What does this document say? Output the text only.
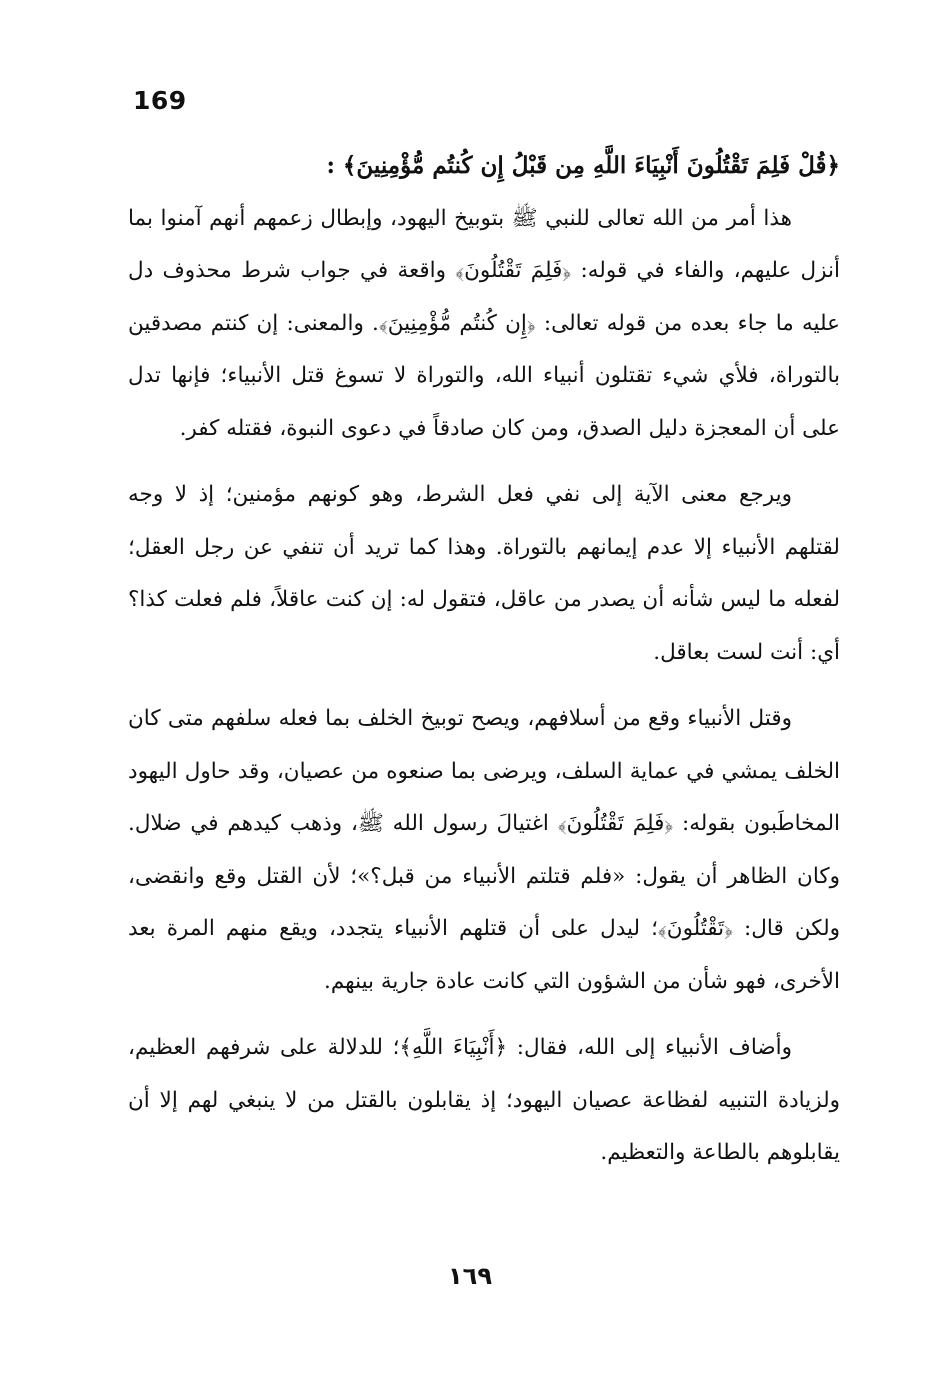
169

﴿قُلْ فَلِمَ تَقْتُلُونَ أَنْبِيَاءَ اللَّهِ مِن قَبْلُ إِن كُنتُم مُّؤْمِنِينَ﴾ :

هذا أمر من الله تعالى للنبي ﷺ بتوبيخ اليهود، وإبطال زعمهم أنهم آمنوا بما أنزل عليهم، والفاء في قوله: ﴿فَلِمَ تَقْتُلُونَ﴾ واقعة في جواب شرط محذوف دل عليه ما جاء بعده من قوله تعالى: ﴿إِن كُنتُم مُّؤْمِنِينَ﴾. والمعنى: إن كنتم مصدقين بالتوراة، فلأي شيء تقتلون أنبياء الله، والتوراة لا تسوغ قتل الأنبياء؛ فإنها تدل على أن المعجزة دليل الصدق، ومن كان صادقاً في دعوى النبوة، فقتله كفر.

ويرجع معنى الآية إلى نفي فعل الشرط، وهو كونهم مؤمنين؛ إذ لا وجه لقتلهم الأنبياء إلا عدم إيمانهم بالتوراة. وهذا كما تريد أن تنفي عن رجل العقل؛ لفعله ما ليس شأنه أن يصدر من عاقل، فتقول له: إن كنت عاقلاً، فلم فعلت كذا؟ أي: أنت لست بعاقل.

وقتل الأنبياء وقع من أسلافهم، ويصح توبيخ الخلف بما فعله سلفهم متى كان الخلف يمشي في عماية السلف، ويرضى بما صنعوه من عصيان، وقد حاول اليهود المخاطَبون بقوله: ﴿فَلِمَ تَقْتُلُونَ﴾ اغتيالَ رسول الله ﷺ، وذهب كيدهم في ضلال. وكان الظاهر أن يقول: «فلم قتلتم الأنبياء من قبل؟»؛ لأن القتل وقع وانقضى، ولكن قال: ﴿تَقْتُلُونَ﴾؛ ليدل على أن قتلهم الأنبياء يتجدد، ويقع منهم المرة بعد الأخرى، فهو شأن من الشؤون التي كانت عادة جارية بينهم.

وأضاف الأنبياء إلى الله، فقال: ﴿أَنْبِيَاءَ اللَّهِ﴾؛ للدلالة على شرفهم العظيم، ولزيادة التنبيه لفظاعة عصيان اليهود؛ إذ يقابلون بالقتل من لا ينبغي لهم إلا أن يقابلوهم بالطاعة والتعظيم.

١٦٩
